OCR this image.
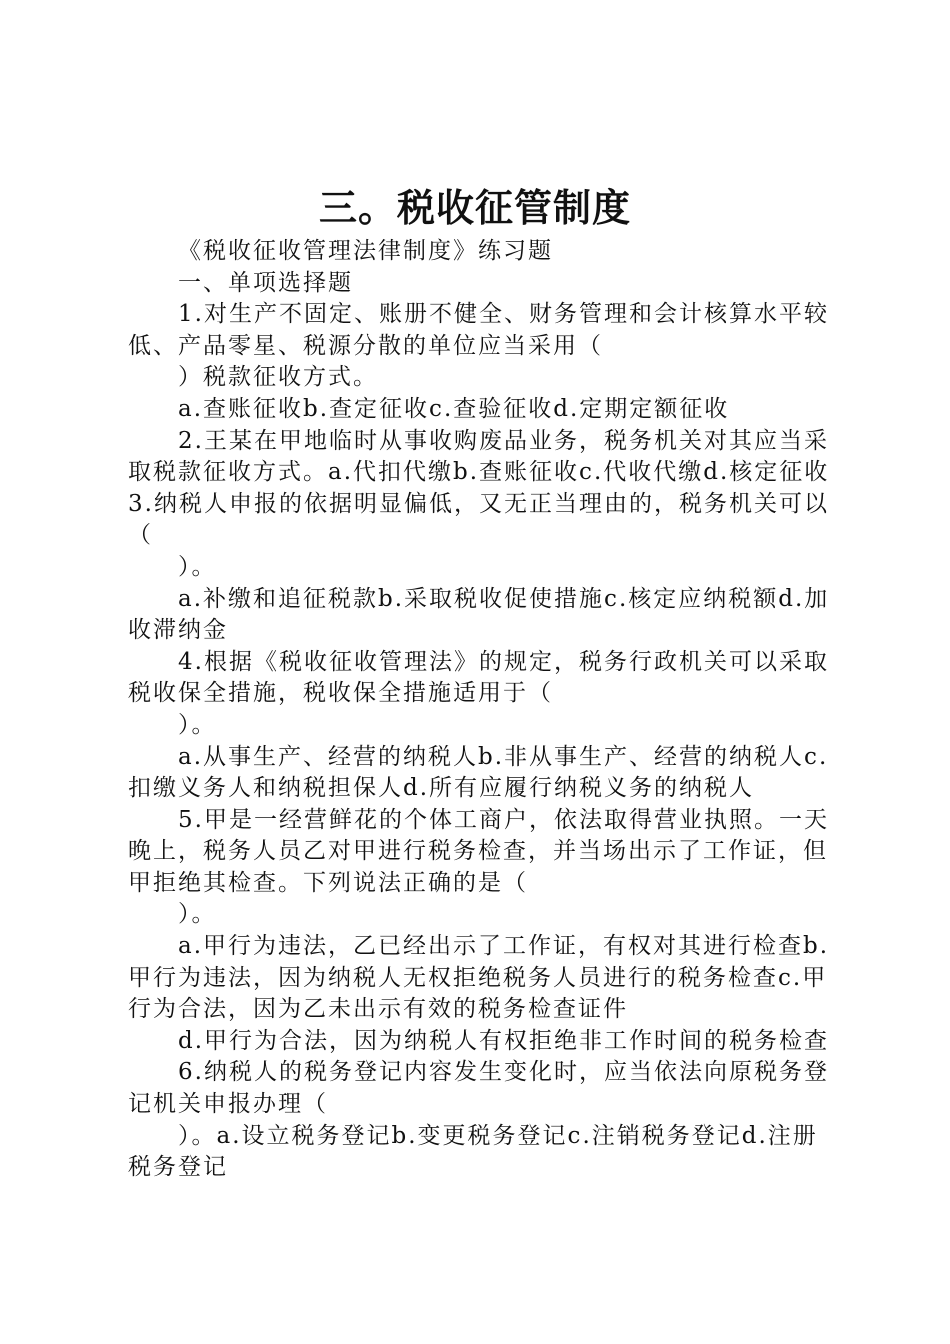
三。税收征管制度

《税收征收管理法律制度》练习题

一、单项选择题

1.对生产不固定、账册不健全、财务管理和会计核算水平较低、产品零星、税源分散的单位应当采用（

）税款征收方式。

a.查账征收b.查定征收c.查验征收d.定期定额征收

2.王某在甲地临时从事收购废品业务，税务机关对其应当采取税款征收方式。a.代扣代缴b.查账征收c.代收代缴d.核定征收3.纳税人申报的依据明显偏低，又无正当理由的，税务机关可以（

）。

a.补缴和追征税款b.采取税收促使措施c.核定应纳税额d.加收滞纳金

4.根据《税收征收管理法》的规定，税务行政机关可以采取税收保全措施，税收保全措施适用于（

）。

a.从事生产、经营的纳税人b.非从事生产、经营的纳税人c.扣缴义务人和纳税担保人d.所有应履行纳税义务的纳税人

5.甲是一经营鲜花的个体工商户，依法取得营业执照。一天晚上，税务人员乙对甲进行税务检查，并当场出示了工作证，但甲拒绝其检查。下列说法正确的是（

）。

a.甲行为违法，乙已经出示了工作证，有权对其进行检查b.甲行为违法，因为纳税人无权拒绝税务人员进行的税务检查c.甲行为合法，因为乙未出示有效的税务检查证件

d.甲行为合法，因为纳税人有权拒绝非工作时间的税务检查

6.纳税人的税务登记内容发生变化时，应当依法向原税务登记机关申报办理（

）。a.设立税务登记b.变更税务登记c.注销税务登记d.注册税务登记
